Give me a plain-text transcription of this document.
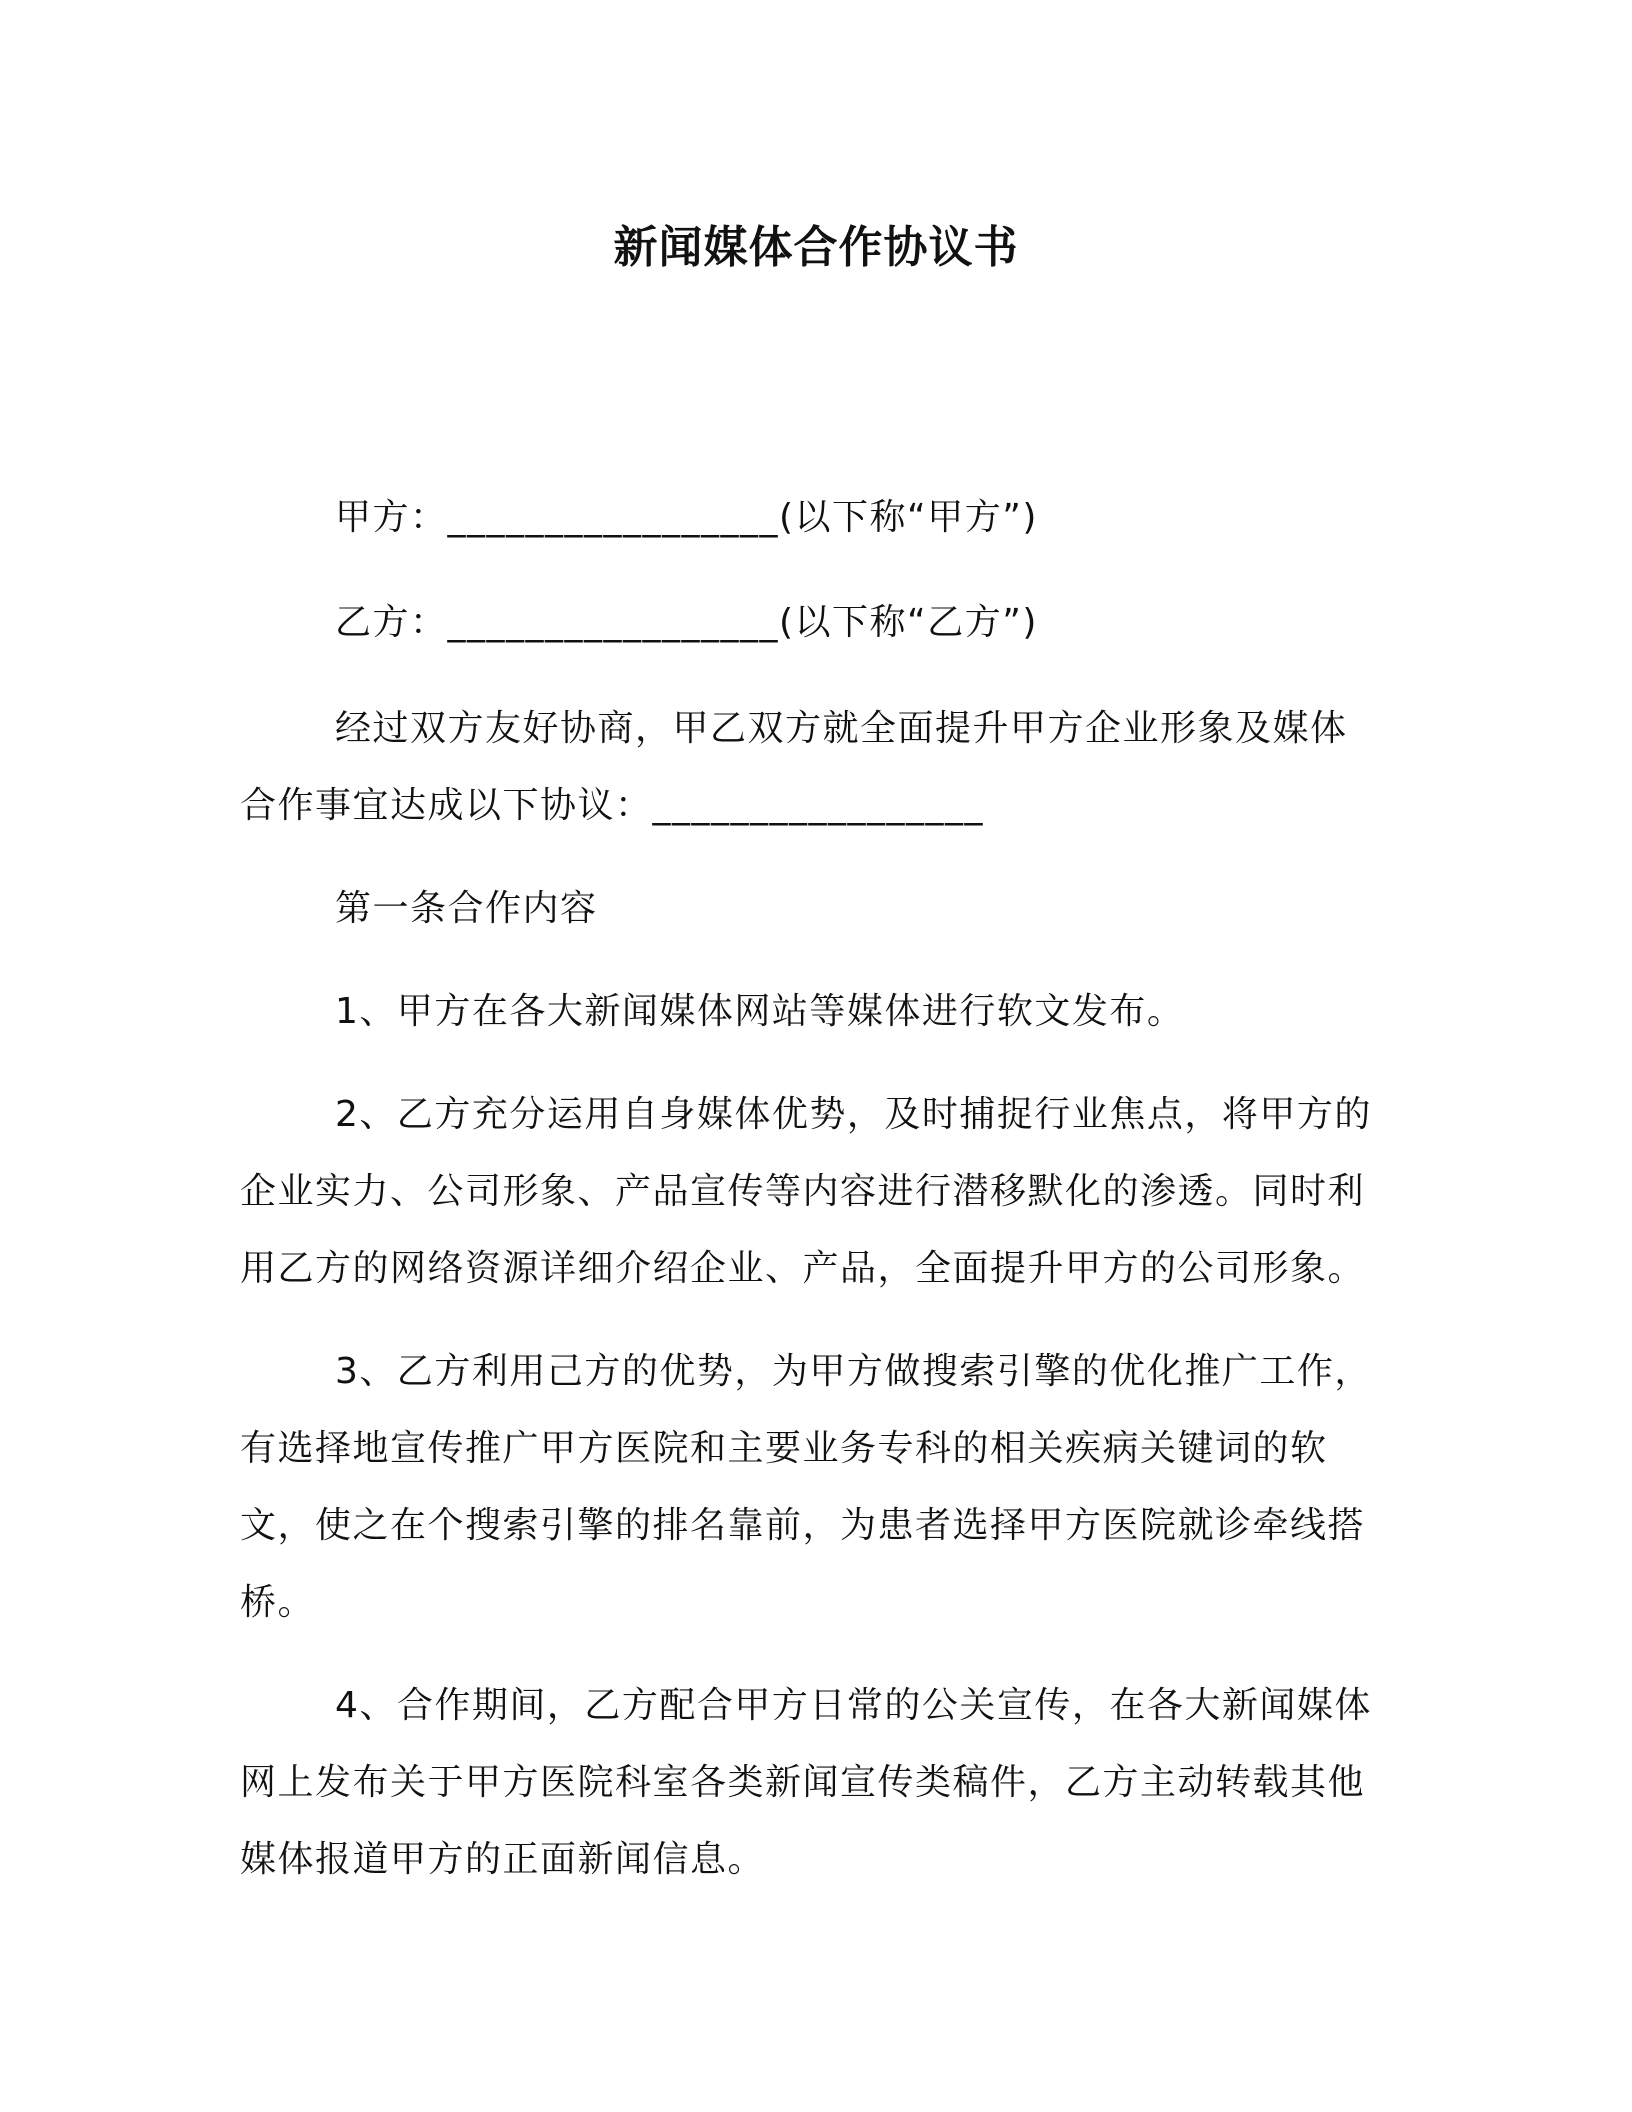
新闻媒体合作协议书
甲方：_________________(以下称“甲方”)
乙方：_________________(以下称“乙方”)

经过双方友好协商，甲乙双方就全面提升甲方企业形象及媒体合作事宜达成以下协议：_________________

第一条合作内容

1、甲方在各大新闻媒体网站等媒体进行软文发布。

2、乙方充分运用自身媒体优势，及时捕捉行业焦点，将甲方的企业实力、公司形象、产品宣传等内容进行潜移默化的渗透。同时利用乙方的网络资源详细介绍企业、产品，全面提升甲方的公司形象。

3、乙方利用己方的优势，为甲方做搜索引擎的优化推广工作，有选择地宣传推广甲方医院和主要业务专科的相关疾病关键词的软文，使之在个搜索引擎的排名靠前，为患者选择甲方医院就诊牵线搭桥。

4、合作期间，乙方配合甲方日常的公关宣传，在各大新闻媒体网上发布关于甲方医院科室各类新闻宣传类稿件，乙方主动转载其他媒体报道甲方的正面新闻信息。
